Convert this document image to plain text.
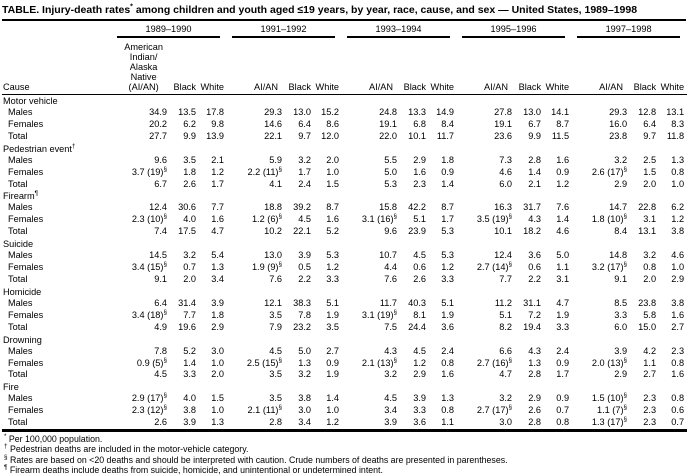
TABLE. Injury-death rates* among children and youth aged ≤19 years, by year, race, cause, and sex — United States, 1989–1998

	1989–1990			1991–1992			1993–1994			1995–1996			1997–1998		

Cause	American
Indian/
Alaska
Native
(AI/AN)	Black	White	AI/AN	Black	White	AI/AN	Black	White	AI/AN	Black	White	AI/AN	Black	White
Motor vehicle															
Males	34.9	13.5	17.8	29.3	13.0	15.2	24.8	13.3	14.9	27.8	13.0	14.1	29.3	12.8	13.1
Females	20.2	6.2	9.8	14.6	6.4	8.6	19.1	6.8	8.4	19.1	6.7	8.7	16.0	6.4	8.3
Total	27.7	9.9	13.9	22.1	9.7	12.0	22.0	10.1	11.7	23.6	9.9	11.5	23.8	9.7	11.8
Pedestrian event†
Males	9.6	3.5	2.1	5.9	3.2	2.0	5.5	2.9	1.8	7.3	2.8	1.6	3.2	2.5	1.3
Females	3.7 (19)§	1.8	1.2	2.2 (11)§	1.7	1.0	5.0	1.6	0.9	4.6	1.4	0.9	2.6 (17)§	1.5	0.8
Total	6.7	2.6	1.7	4.1	2.4	1.5	5.3	2.3	1.4	6.0	2.1	1.2	2.9	2.0	1.0
Firearm¶
Males	12.4	30.6	7.7	18.8	39.2	8.7	15.8	42.2	8.7	16.3	31.7	7.6	14.7	22.8	6.2
Females	2.3 (10)§	4.0	1.6	1.2 (6)§	4.5	1.6	3.1 (16)§	5.1	1.7	3.5 (19)§	4.3	1.4	1.8 (10)§	3.1	1.2
Total	7.4	17.5	4.7	10.2	22.1	5.2	9.6	23.9	5.3	10.1	18.2	4.6	8.4	13.1	3.8
Suicide															
Males	14.5	3.2	5.4	13.0	3.9	5.3	10.7	4.5	5.3	12.4	3.6	5.0	14.8	3.2	4.6
Females	3.4 (15)§	0.7	1.3	1.9 (9)§	0.5	1.2	4.4	0.6	1.2	2.7 (14)§	0.6	1.1	3.2 (17)§	0.8	1.0
Total	9.1	2.0	3.4	7.6	2.2	3.3	7.6	2.6	3.3	7.7	2.2	3.1	9.1	2.0	2.9
Homicide															
Males	6.4	31.4	3.9	12.1	38.3	5.1	11.7	40.3	5.1	11.2	31.1	4.7	8.5	23.8	3.8
Females	3.4 (18)§	7.7	1.8	3.5	7.8	1.9	3.1 (19)§	8.1	1.9	5.1	7.2	1.9	3.3	5.8	1.6
Total	4.9	19.6	2.9	7.9	23.2	3.5	7.5	24.4	3.6	8.2	19.4	3.3	6.0	15.0	2.7
Drowning															
Males	7.8	5.2	3.0	4.5	5.0	2.7	4.3	4.5	2.4	6.6	4.3	2.4	3.9	4.2	2.3
Females	0.9 (5)§	1.4	1.0	2.5 (15)§	1.3	0.9	2.1 (13)§	1.2	0.8	2.7 (16)§	1.3	0.9	2.0 (13)§	1.1	0.8
Total	4.5	3.3	2.0	3.5	3.2	1.9	3.2	2.9	1.6	4.7	2.8	1.7	2.9	2.7	1.6
Fire															
Males	2.9 (17)§	4.0	1.5	3.5	3.8	1.4	4.5	3.9	1.3	3.2	2.9	0.9	1.5 (10)§	2.3	0.8
Females	2.3 (12)§	3.8	1.0	2.1 (11)§	3.0	1.0	3.4	3.3	0.8	2.7 (17)§	2.6	0.7	1.1 (7)§	2.3	0.6
Total	2.6	3.9	1.3	2.8	3.4	1.2	3.9	3.6	1.1	3.0	2.8	0.8	1.3 (17)§	2.3	0.7
* Per 100,000 population.
† Pedestrian deaths are included in the motor-vehicle category.
§ Rates are based on <20 deaths and should be interpreted with caution. Crude numbers of deaths are presented in parentheses.
¶ Firearm deaths include deaths from suicide, homicide, and unintentional or undetermined intent.
